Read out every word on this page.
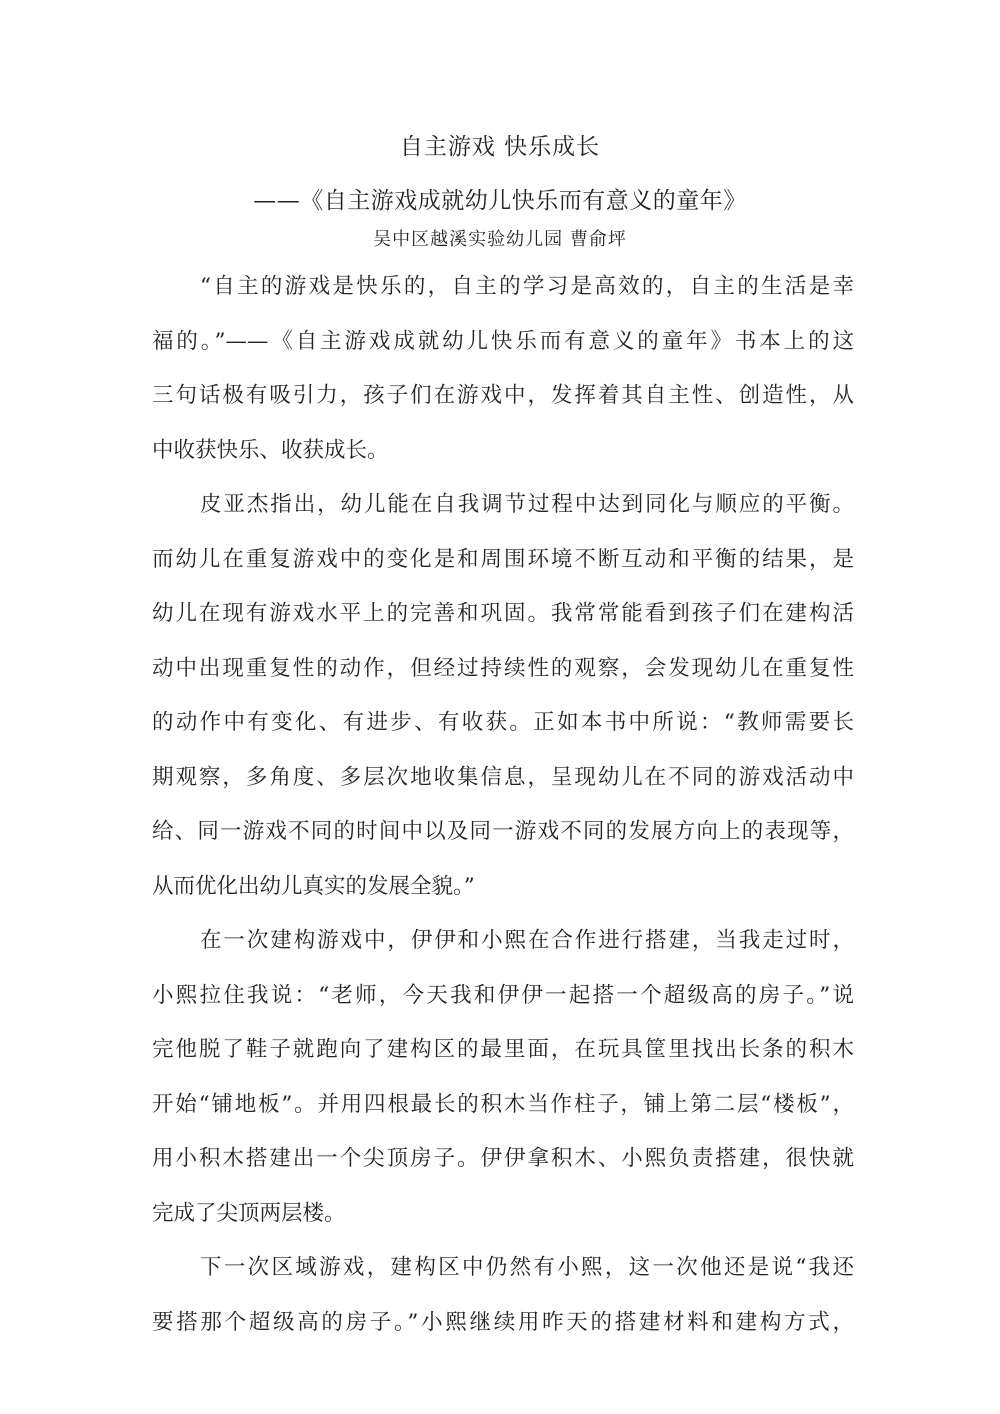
自主游戏 快乐成长
——《自主游戏成就幼儿快乐而有意义的童年》
吴中区越溪实验幼儿园 曹俞坪
“自主的游戏是快乐的，自主的学习是高效的，自主的生活是幸
福的。”——《自主游戏成就幼儿快乐而有意义的童年》书本上的这
三句话极有吸引力，孩子们在游戏中，发挥着其自主性、创造性，从
中收获快乐、收获成长。
皮亚杰指出，幼儿能在自我调节过程中达到同化与顺应的平衡。
而幼儿在重复游戏中的变化是和周围环境不断互动和平衡的结果，是
幼儿在现有游戏水平上的完善和巩固。我常常能看到孩子们在建构活
动中出现重复性的动作，但经过持续性的观察，会发现幼儿在重复性
的动作中有变化、有进步、有收获。正如本书中所说：“教师需要长
期观察，多角度、多层次地收集信息，呈现幼儿在不同的游戏活动中
给、同一游戏不同的时间中以及同一游戏不同的发展方向上的表现等，
从而优化出幼儿真实的发展全貌。”
在一次建构游戏中，伊伊和小熙在合作进行搭建，当我走过时，
小熙拉住我说：“老师，今天我和伊伊一起搭一个超级高的房子。”说
完他脱了鞋子就跑向了建构区的最里面，在玩具筐里找出长条的积木
开始“铺地板”。并用四根最长的积木当作柱子，铺上第二层“楼板”，
用小积木搭建出一个尖顶房子。伊伊拿积木、小熙负责搭建，很快就
完成了尖顶两层楼。
下一次区域游戏，建构区中仍然有小熙，这一次他还是说“我还
要搭那个超级高的房子。”小熙继续用昨天的搭建材料和建构方式，
